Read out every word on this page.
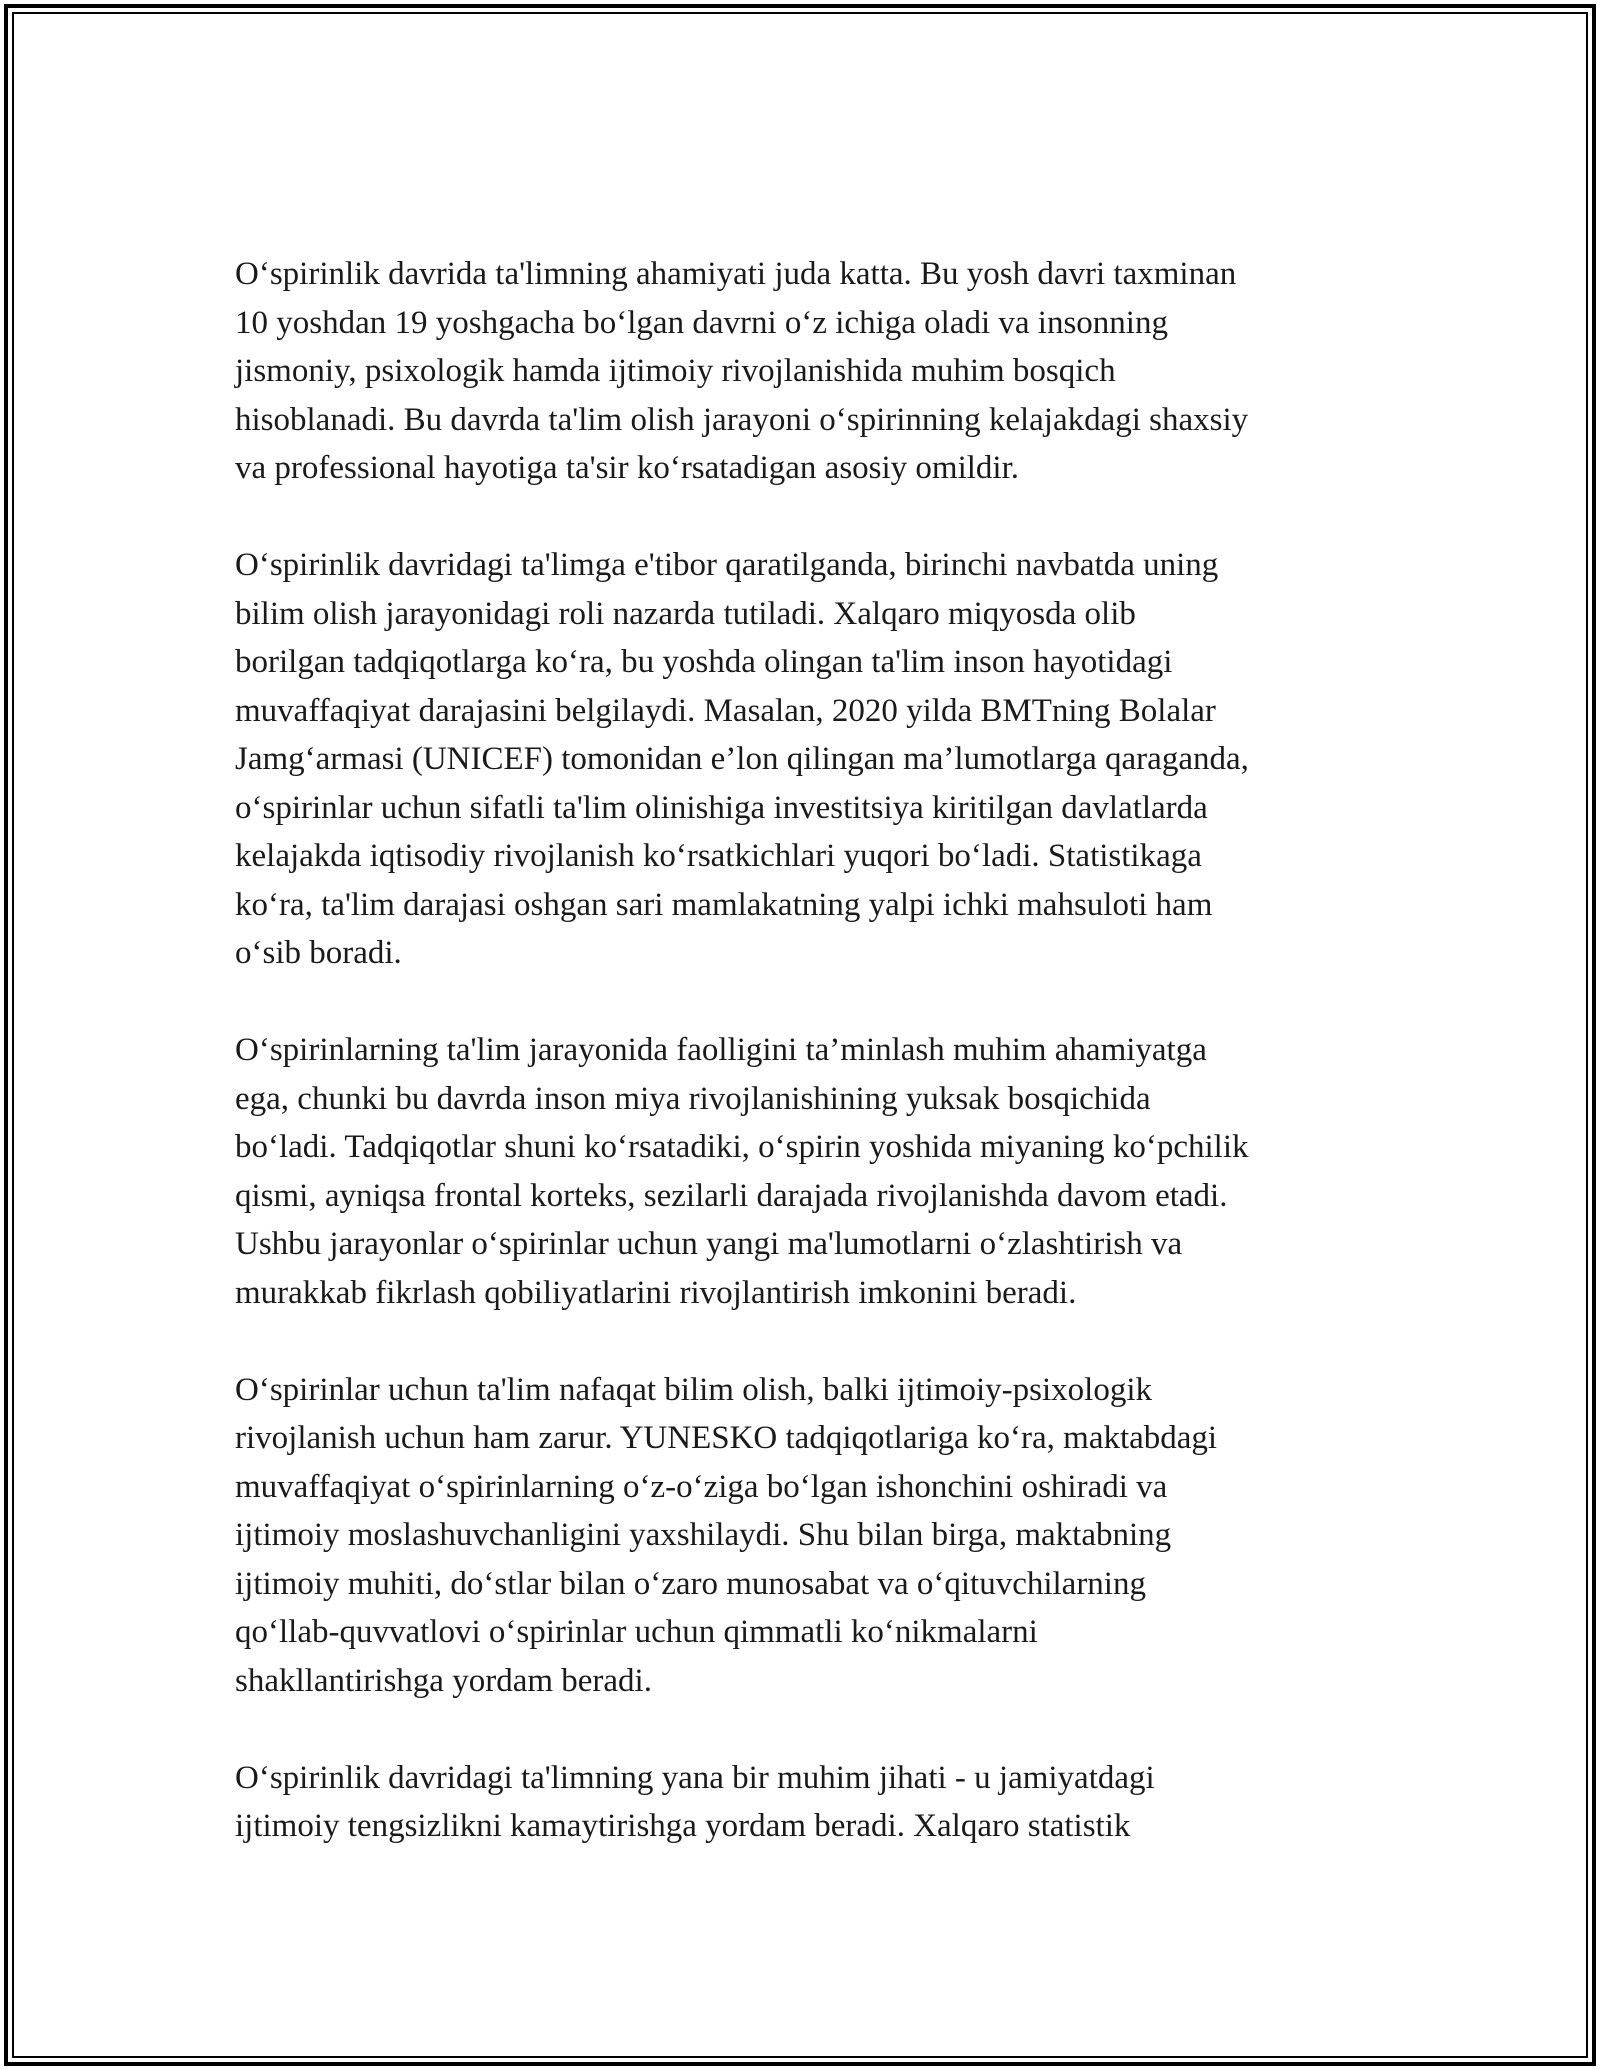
O‘spirinlik davrida ta'limning ahamiyati juda katta. Bu yosh davri taxminan
10 yoshdan 19 yoshgacha bo‘lgan davrni o‘z ichiga oladi va insonning
jismoniy, psixologik hamda ijtimoiy rivojlanishida muhim bosqich
hisoblanadi. Bu davrda ta'lim olish jarayoni o‘spirinning kelajakdagi shaxsiy
va professional hayotiga ta'sir ko‘rsatadigan asosiy omildir.

O‘spirinlik davridagi ta'limga e'tibor qaratilganda, birinchi navbatda uning
bilim olish jarayonidagi roli nazarda tutiladi. Xalqaro miqyosda olib
borilgan tadqiqotlarga ko‘ra, bu yoshda olingan ta'lim inson hayotidagi
muvaffaqiyat darajasini belgilaydi. Masalan, 2020 yilda BMTning Bolalar
Jamg‘armasi (UNICEF) tomonidan e’lon qilingan ma’lumotlarga qaraganda,
o‘spirinlar uchun sifatli ta'lim olinishiga investitsiya kiritilgan davlatlarda
kelajakda iqtisodiy rivojlanish ko‘rsatkichlari yuqori bo‘ladi. Statistikaga
ko‘ra, ta'lim darajasi oshgan sari mamlakatning yalpi ichki mahsuloti ham
o‘sib boradi.

O‘spirinlarning ta'lim jarayonida faolligini ta’minlash muhim ahamiyatga
ega, chunki bu davrda inson miya rivojlanishining yuksak bosqichida
bo‘ladi. Tadqiqotlar shuni ko‘rsatadiki, o‘spirin yoshida miyaning ko‘pchilik
qismi, ayniqsa frontal korteks, sezilarli darajada rivojlanishda davom etadi.
Ushbu jarayonlar o‘spirinlar uchun yangi ma'lumotlarni o‘zlashtirish va
murakkab fikrlash qobiliyatlarini rivojlantirish imkonini beradi.

O‘spirinlar uchun ta'lim nafaqat bilim olish, balki ijtimoiy-psixologik
rivojlanish uchun ham zarur. YUNESKO tadqiqotlariga ko‘ra, maktabdagi
muvaffaqiyat o‘spirinlarning o‘z-o‘ziga bo‘lgan ishonchini oshiradi va
ijtimoiy moslashuvchanligini yaxshilaydi. Shu bilan birga, maktabning
ijtimoiy muhiti, do‘stlar bilan o‘zaro munosabat va o‘qituvchilarning
qo‘llab-quvvatlovi o‘spirinlar uchun qimmatli ko‘nikmalarni
shakllantirishga yordam beradi.

O‘spirinlik davridagi ta'limning yana bir muhim jihati - u jamiyatdagi
ijtimoiy tengsizlikni kamaytirishga yordam beradi. Xalqaro statistik
